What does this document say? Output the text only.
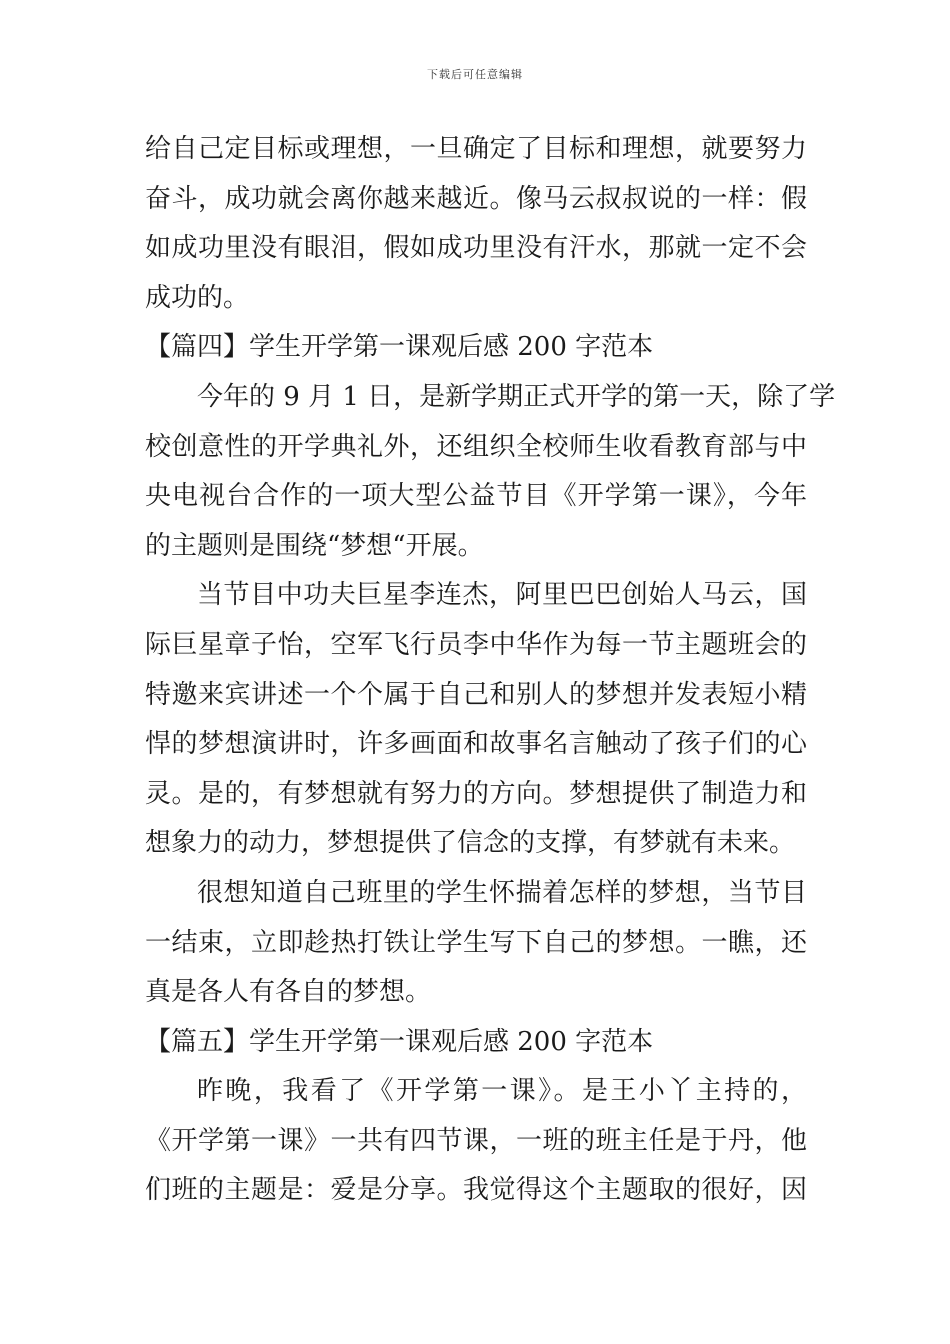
下载后可任意编辑
给自己定目标或理想，一旦确定了目标和理想，就要努力
奋斗，成功就会离你越来越近。像马云叔叔说的一样：假
如成功里没有眼泪，假如成功里没有汗水，那就一定不会
成功的。
【篇四】学生开学第一课观后感 200 字范本
今年的 9 月 1 日，是新学期正式开学的第一天，除了学
校创意性的开学典礼外，还组织全校师生收看教育部与中
央电视台合作的一项大型公益节目《开学第一课》，今年
的主题则是围绕“梦想“开展。
当节目中功夫巨星李连杰，阿里巴巴创始人马云，国
际巨星章子怡，空军飞行员李中华作为每一节主题班会的
特邀来宾讲述一个个属于自己和别人的梦想并发表短小精
悍的梦想演讲时，许多画面和故事名言触动了孩子们的心
灵。是的，有梦想就有努力的方向。梦想提供了制造力和
想象力的动力，梦想提供了信念的支撑，有梦就有未来。
很想知道自己班里的学生怀揣着怎样的梦想，当节目
一结束，立即趁热打铁让学生写下自己的梦想。一瞧，还
真是各人有各自的梦想。
【篇五】学生开学第一课观后感 200 字范本
昨晚，我看了《开学第一课》。是王小丫主持的，
《开学第一课》一共有四节课，一班的班主任是于丹，他
们班的主题是：爱是分享。我觉得这个主题取的很好，因
